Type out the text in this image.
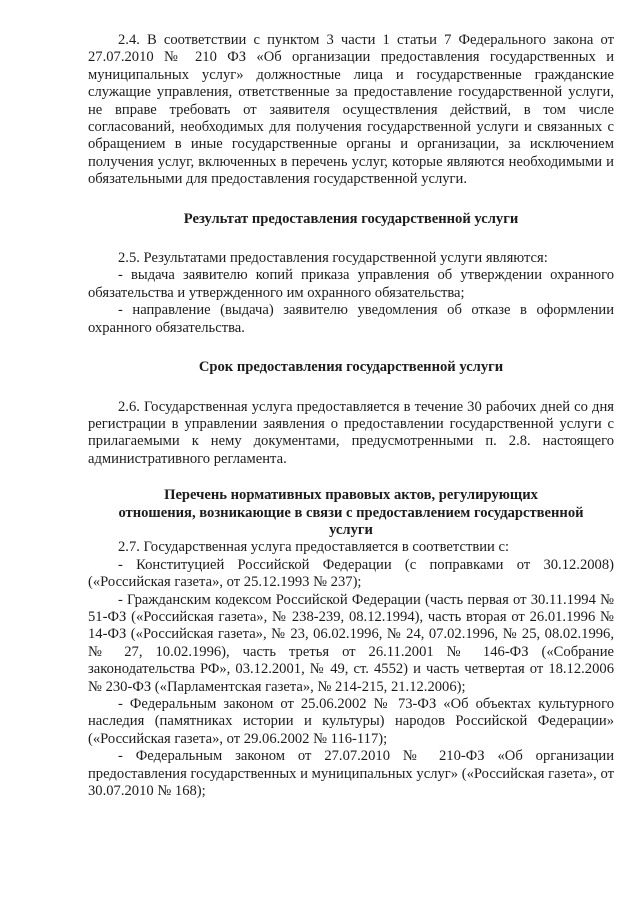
2.4. В соответствии с пунктом 3 части 1 статьи 7 Федерального закона от 27.07.2010 № 210 ФЗ «Об организации предоставления государственных и муниципальных услуг» должностные лица и государственные гражданские служащие управления, ответственные за предоставление государственной услуги, не вправе требовать от заявителя осуществления действий, в том числе согласований, необходимых для получения государственной услуги и связанных с обращением в иные государственные органы и организации, за исключением получения услуг, включенных в перечень услуг, которые являются необходимыми и обязательными для предоставления государственной услуги.

Результат предоставления государственной услуги

2.5. Результатами предоставления государственной услуги являются:

- выдача заявителю копий приказа управления об утверждении охранного обязательства и утвержденного им охранного обязательства;

- направление (выдача) заявителю уведомления об отказе в оформлении охранного обязательства.

Срок предоставления государственной услуги

2.6. Государственная услуга предоставляется в течение 30 рабочих дней со дня регистрации в управлении заявления о предоставлении государственной услуги с прилагаемыми к нему документами, предусмотренными п. 2.8. настоящего административного регламента.

Перечень нормативных правовых актов, регулирующих

отношения, возникающие в связи с предоставлением государственной

услуги

2.7. Государственная услуга предоставляется в соответствии с:

- Конституцией Российской Федерации (с поправками от 30.12.2008) («Российская газета», от 25.12.1993 № 237);

- Гражданским кодексом Российской Федерации (часть первая от 30.11.1994 № 51-ФЗ («Российская газета», № 238-239, 08.12.1994), часть вторая от 26.01.1996 № 14-ФЗ («Российская газета», № 23, 06.02.1996, № 24, 07.02.1996, № 25, 08.02.1996, № 27, 10.02.1996), часть третья от 26.11.2001 № 146-ФЗ («Собрание законодательства РФ», 03.12.2001, № 49, ст. 4552) и часть четвертая от 18.12.2006 № 230-ФЗ («Парламентская газета», № 214-215, 21.12.2006);

- Федеральным законом от 25.06.2002 № 73-ФЗ «Об объектах культурного наследия (памятниках истории и культуры) народов Российской Федерации» («Российская газета», от 29.06.2002 № 116-117);

- Федеральным законом от 27.07.2010 № 210-ФЗ «Об организации предоставления государственных и муниципальных услуг» («Российская газета», от 30.07.2010 № 168);
